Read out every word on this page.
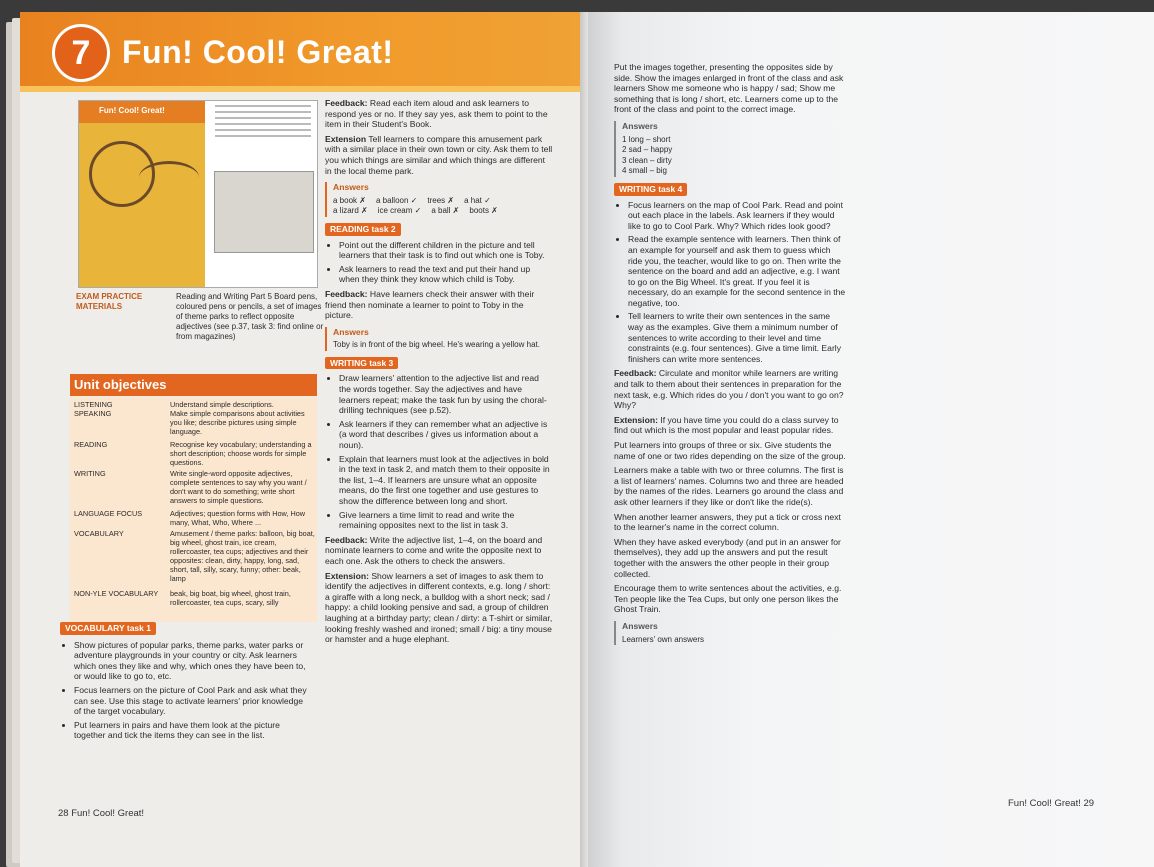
7 Fun! Cool! Great!
Fun! Cool! Great!
EXAM PRACTICE MATERIALS
Reading and Writing Part 5 Board pens, coloured pens or pencils, a set of images of theme parks to reflect opposite adjectives (see p.37, task 3: find online or from magazines)
Unit objectives
LISTENING	Understand simple descriptions.
SPEAKING	Make simple comparisons about activities you like; describe pictures using simple language.
READING	Recognise key vocabulary; understanding a short description; choose words for simple questions.
WRITING	Write single-word opposite adjectives, complete sentences to say why you want / don't want to do something; write short answers to simple questions.
LANGUAGE FOCUS	Adjectives; question forms with How, How many, What, Who, Where ...
VOCABULARY	Amusement / theme parks: balloon, big boat, big wheel, ghost train, ice cream, rollercoaster, tea cups; adjectives and their opposites: clean, dirty, happy, long, sad, short, tall, silly, scary, funny; other: beak, lamp
NON-YLE VOCABULARY	beak, big boat, big wheel, ghost train, rollercoaster, tea cups, scary, silly
VOCABULARY task 1
• Show pictures of popular parks, theme parks, water parks or adventure playgrounds in your country or city. Ask learners which ones they like and why, which ones they have been to, or would like to go to, etc.
• Focus learners on the picture of Cool Park and ask what they can see. Use this stage to activate learners' prior knowledge of the target vocabulary.
• Put learners in pairs and have them look at the picture together and tick the items they can see in the list.

Feedback: Read each item aloud and ask learners to respond yes or no. If they say yes, ask them to point to the item in their Student's Book.

Extension Tell learners to compare this amusement park with a similar place in their own town or city. Ask them to tell you which things are similar and which things are different in the local theme park.

Answers
a book ✗ a balloon ✓ trees ✗ a hat ✓
a lizard ✗ ice cream ✓ a ball ✗ boots ✗
READING task 2
• Point out the different children in the picture and tell learners that their task is to find out which one is Toby.
• Ask learners to read the text and put their hand up when they think they know which child is Toby.

Feedback: Have learners check their answer with their friend then nominate a learner to point to Toby in the picture.

Answers
Toby is in front of the big wheel. He's wearing a yellow hat.
WRITING task 3
• Draw learners' attention to the adjective list and read the words together. Say the adjectives and have learners repeat; make the task fun by using the choral-drilling techniques (see p.52).
• Ask learners if they can remember what an adjective is (a word that describes / gives us information about a noun).
• Explain that learners must look at the adjectives in bold in the text in task 2, and match them to their opposite in the list, 1–4. If learners are unsure what an opposite means, do the first one together and use gestures to show the difference between long and short.
• Give learners a time limit to read and write the remaining opposites next to the list in task 3.

Feedback: Write the adjective list, 1–4, on the board and nominate learners to come and write the opposite next to each one. Ask the others to check the answers.

Extension: Show learners a set of images to ask them to identify the adjectives in different contexts, e.g. long / short: a giraffe with a long neck, a bulldog with a short neck; sad / happy: a child looking pensive and sad, a group of children laughing at a birthday party; clean / dirty: a T-shirt or similar, looking freshly washed and ironed; small / big: a tiny mouse or hamster and a huge elephant.

28 Fun! Cool! Great!

Put the images together, presenting the opposites side by side. Show the images enlarged in front of the class and ask learners Show me someone who is happy / sad; Show me something that is long / short, etc. Learners come up to the front of the class and point to the correct image.

Answers
1 long – short
2 sad – happy
3 clean – dirty
4 small – big
WRITING task 4
• Focus learners on the map of Cool Park. Read and point out each place in the labels. Ask learners if they would like to go to Cool Park. Why? Which rides look good?
• Read the example sentence with learners. Then think of an example for yourself and ask them to guess which ride you, the teacher, would like to go on. Then write the sentence on the board and add an adjective, e.g. I want to go on the Big Wheel. It's great. If you feel it is necessary, do an example for the second sentence in the negative, too.
• Tell learners to write their own sentences in the same way as the examples. Give them a minimum number of sentences to write according to their level and time constraints (e.g. four sentences). Give a time limit. Early finishers can write more sentences.

Feedback: Circulate and monitor while learners are writing and talk to them about their sentences in preparation for the next task, e.g. Which rides do you / don't you want to go on? Why?

Extension: If you have time you could do a class survey to find out which is the most popular and least popular rides.

Put learners into groups of three or six. Give students the name of one or two rides depending on the size of the group.

Learners make a table with two or three columns. The first is a list of learners' names. Columns two and three are headed by the names of the rides. Learners go around the class and ask other learners if they like or don't like the ride(s).

When another learner answers, they put a tick or cross next to the learner's name in the correct column.

When they have asked everybody (and put in an answer for themselves), they add up the answers and put the result together with the answers the other people in their group collected.

Encourage them to write sentences about the activities, e.g. Ten people like the Tea Cups, but only one person likes the Ghost Train.

Answers
Learners' own answers
Fun! Cool! Great! 29
